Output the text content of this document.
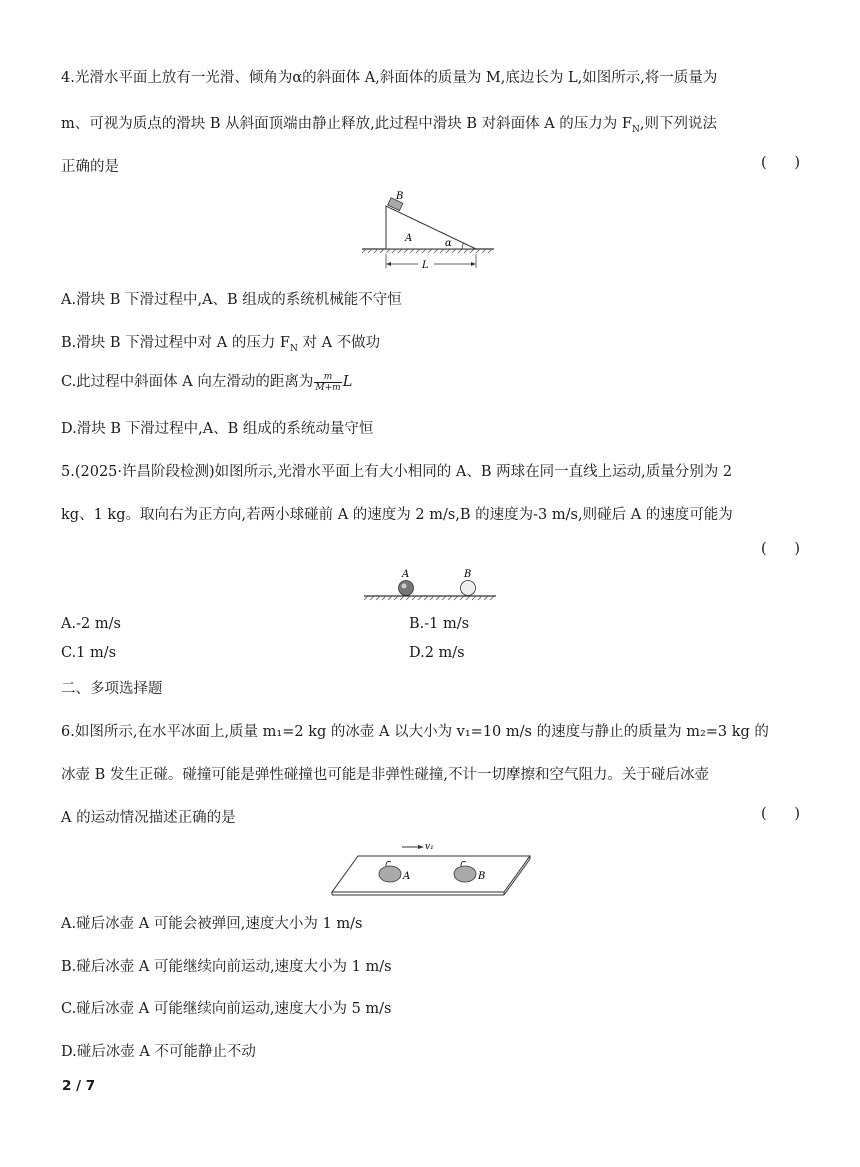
4.光滑水平面上放有一光滑、倾角为α的斜面体 A,斜面体的质量为 M,底边长为 L,如图所示,将一质量为
m、可视为质点的滑块 B 从斜面顶端由静止释放,此过程中滑块 B 对斜面体 A 的压力为 $F_N$,则下列说法
正确的是	(      )
B
A	α
L
A.滑块 B 下滑过程中,A、B 组成的系统机械能不守恒
B.滑块 B 下滑过程中对 A 的压力 $F_N$ 对 A 不做功
C.此过程中斜面体 A 向左滑动的距离为 $\frac{m}{M+m}$ L
D.滑块 B 下滑过程中,A、B 组成的系统动量守恒
5.(2025·许昌阶段检测)如图所示,光滑水平面上有大小相同的 A、B 两球在同一直线上运动,质量分别为 2
kg、1 kg。取向右为正方向,若两小球碰前 A 的速度为 2 m/s,B 的速度为-3 m/s,则碰后 A 的速度可能为
(      )
A	B
A.-2 m/s	B.-1 m/s
C.1 m/s	D.2 m/s
二、多项选择题
6.如图所示,在水平冰面上,质量 m₁=2 kg 的冰壶 A 以大小为 v₁=10 m/s 的速度与静止的质量为 m₂=3 kg 的
冰壶 B 发生正碰。碰撞可能是弹性碰撞也可能是非弹性碰撞,不计一切摩擦和空气阻力。关于碰后冰壶
A 的运动情况描述正确的是	(      )
v₁
A	B
A.碰后冰壶 A 可能会被弹回,速度大小为 1 m/s
B.碰后冰壶 A 可能继续向前运动,速度大小为 1 m/s
C.碰后冰壶 A 可能继续向前运动,速度大小为 5 m/s
D.碰后冰壶 A 不可能静止不动
2 / 7
